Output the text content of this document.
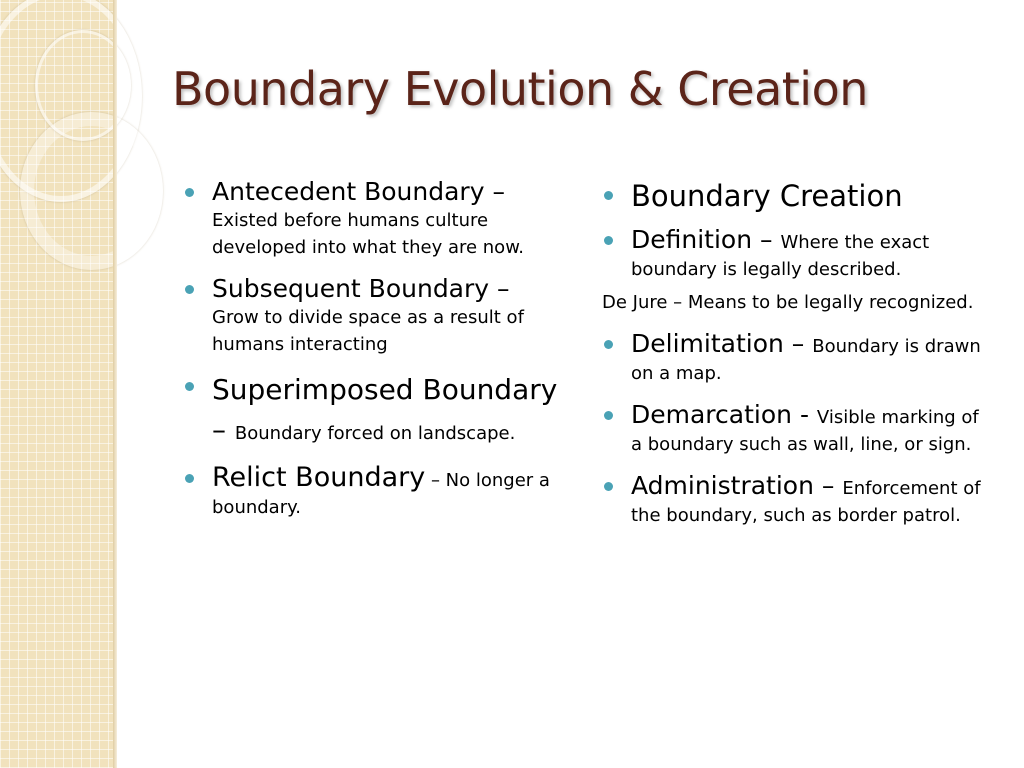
Boundary Evolution & Creation
Antecedent Boundary – Existed before humans culture developed into what they are now.
Subsequent Boundary – Grow to divide space as a result of humans interacting
Superimposed Boundary – Boundary forced on landscape.
Relict Boundary – No longer a boundary.
Boundary Creation
Definition – Where the exact boundary is legally described.
De Jure – Means to be legally recognized.
Delimitation – Boundary is drawn on a map.
Demarcation - Visible marking of a boundary such as wall, line, or sign.
Administration – Enforcement of the boundary, such as border patrol.
